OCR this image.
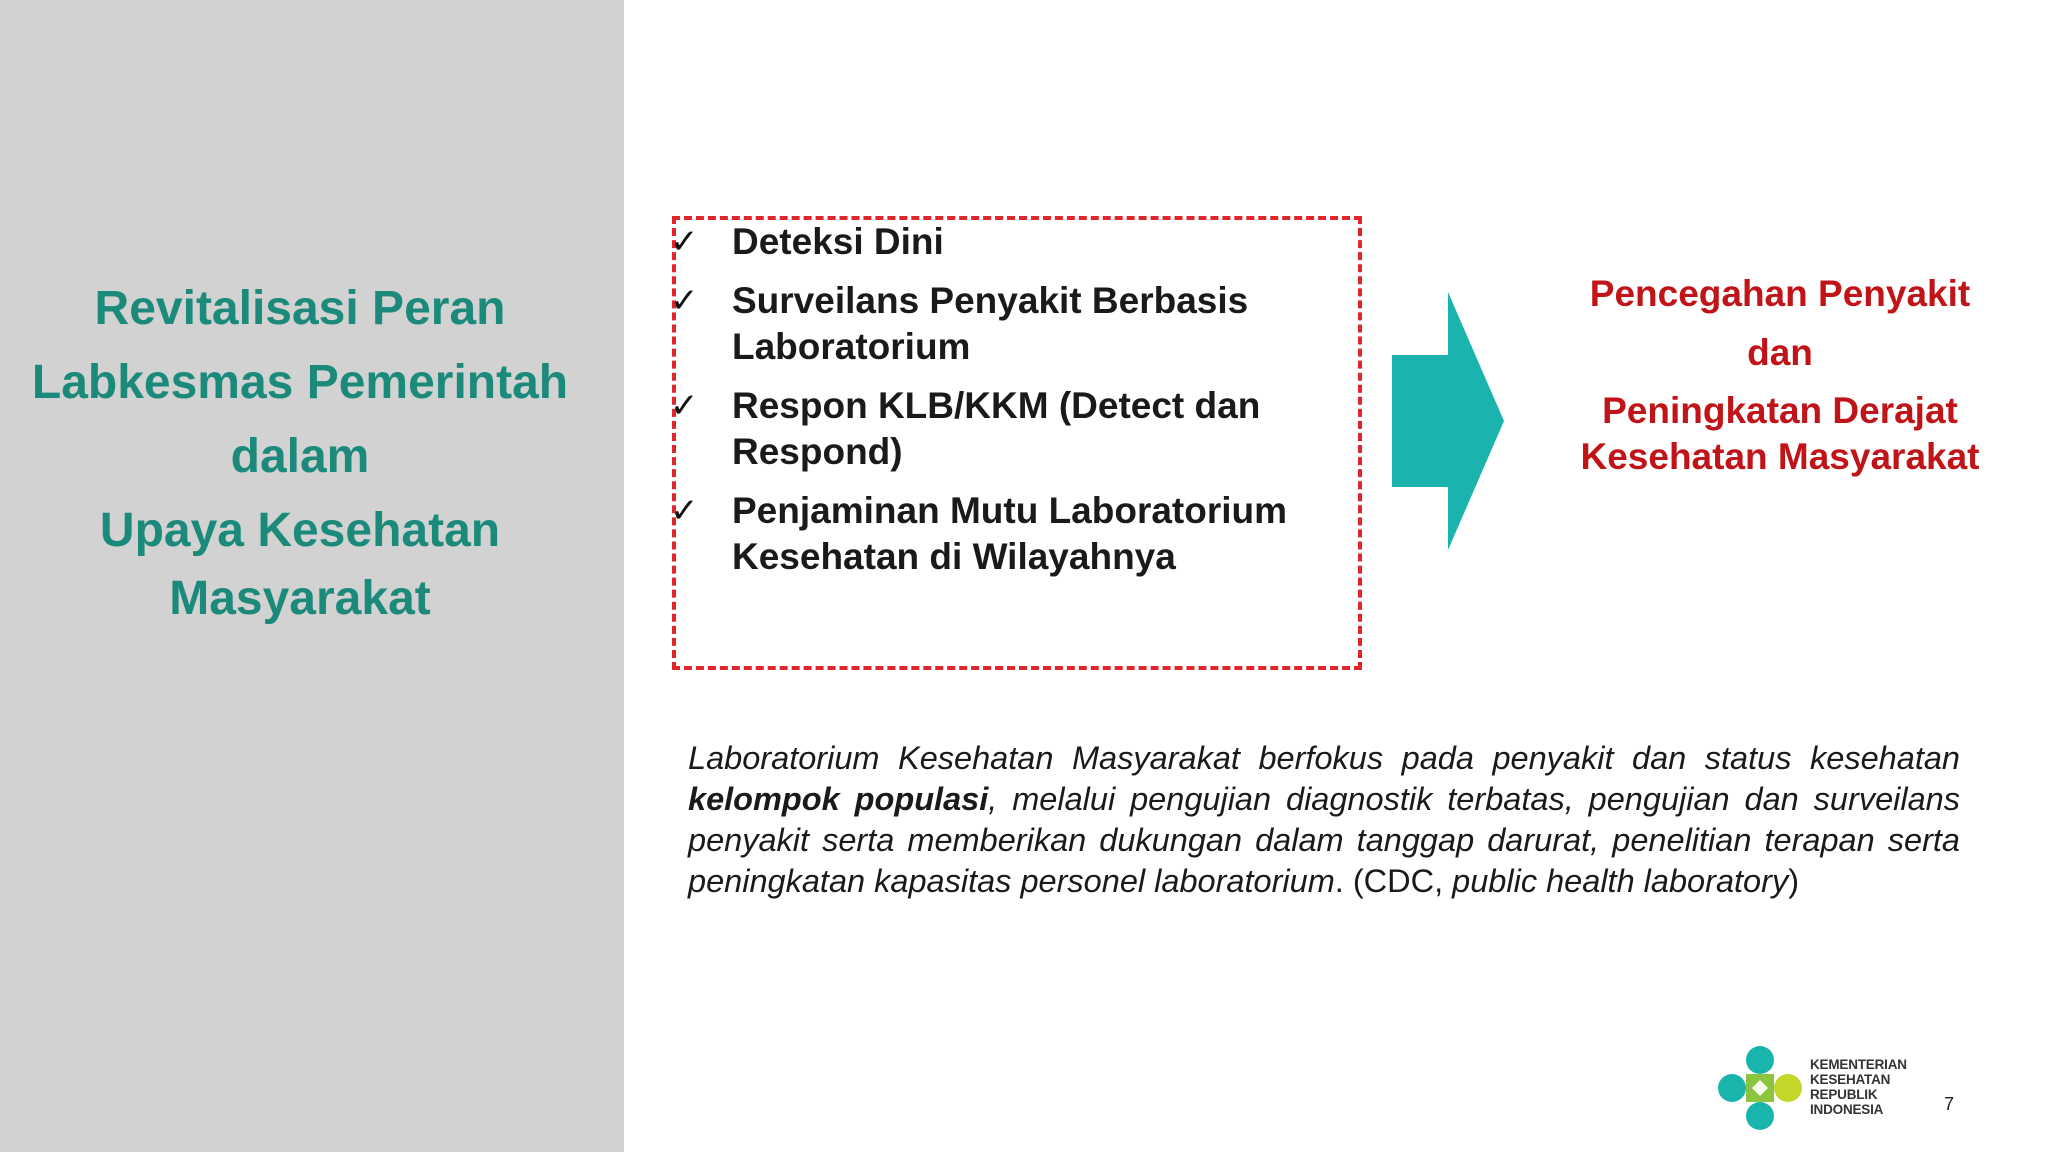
Revitalisasi Peran
Labkesmas Pemerintah
dalam
Upaya Kesehatan
Masyarakat
✓ Deteksi Dini
✓ Surveilans Penyakit Berbasis
Laboratorium
✓ Respon KLB/KKM (Detect dan
Respond)
✓ Penjaminan Mutu Laboratorium
Kesehatan di Wilayahnya
Pencegahan Penyakit
dan
Peningkatan Derajat
Kesehatan Masyarakat
Laboratorium Kesehatan Masyarakat berfokus pada penyakit dan status kesehatan kelompok populasi, melalui pengujian diagnostik terbatas, pengujian dan surveilans penyakit serta memberikan dukungan dalam tanggap darurat, penelitian terapan serta peningkatan kapasitas personel laboratorium. (CDC, public health laboratory)
KEMENTERIAN
KESEHATAN
REPUBLIK
INDONESIA	7
